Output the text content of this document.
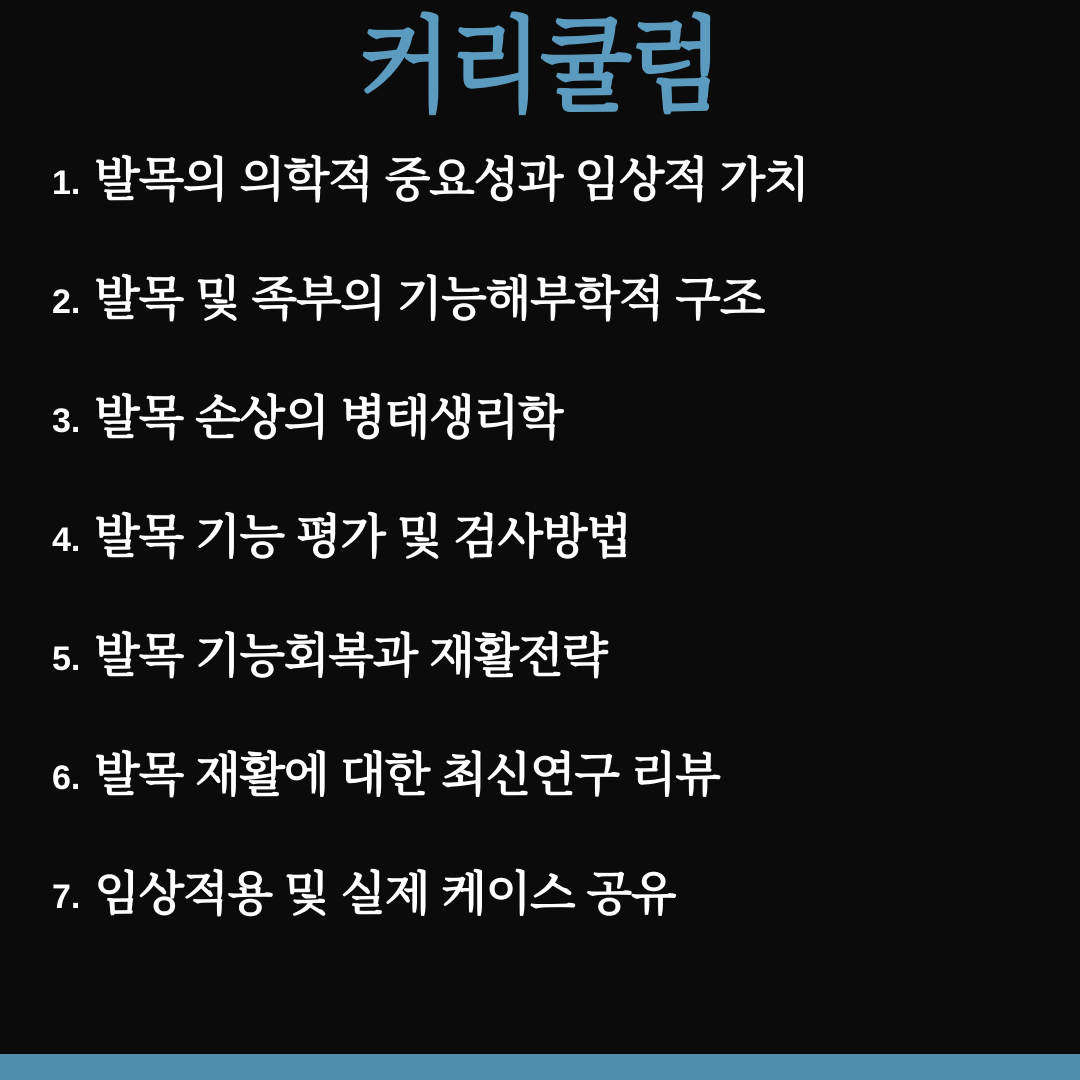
커리큘럼
1. 발목의 의학적 중요성과 임상적 가치
2. 발목 및 족부의 기능해부학적 구조
3. 발목 손상의 병태생리학
4. 발목 기능 평가 및 검사방법
5. 발목 기능회복과 재활전략
6. 발목 재활에 대한 최신연구 리뷰
7. 임상적용 및 실제 케이스 공유
